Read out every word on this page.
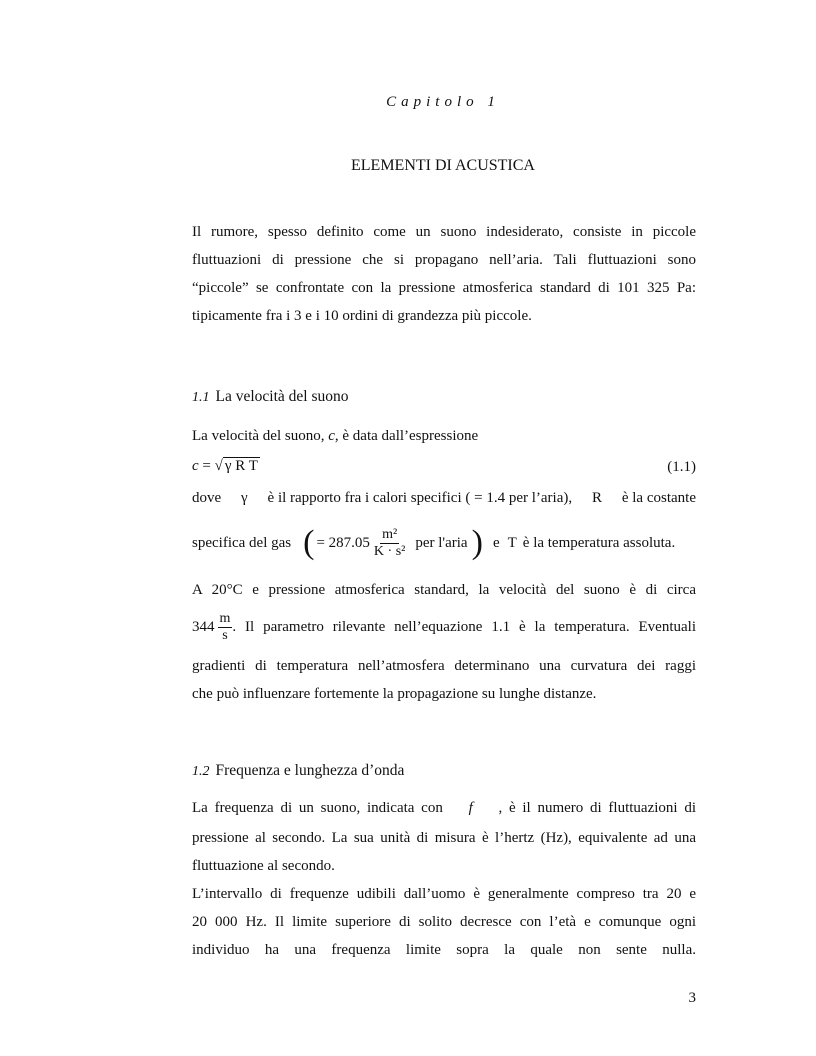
Capitolo 1
ELEMENTI DI ACUSTICA
Il rumore, spesso definito come un suono indesiderato, consiste in piccole
fluttuazioni di pressione che si propagano nell’aria. Tali fluttuazioni sono
“piccole” se confrontate con la pressione atmosferica standard di 101 325 Pa:
tipicamente fra i 3 e i 10 ordini di grandezza più piccole.
1.1 La velocità del suono
La velocità del suono, c, è data dall’espressione
c = √ γ R T	(1.1)
dove γ è il rapporto fra i calori specifici ( = 1.4 per l’aria), R è la costante
specifica del gas ( = $287.05 \frac{\text{m²}}{\text{K · s²}}$ per l'aria ) e T è la temperatura assoluta.
A 20°C e pressione atmosferica standard, la velocità del suono è di circa
$344 \frac{m}{s}$ . Il parametro rilevante nell’equazione 1.1 è la temperatura. Eventuali
gradienti di temperatura nell’atmosfera determinano una curvatura dei raggi
che può influenzare fortemente la propagazione su lunghe distanze.
1.2 Frequenza e lunghezza d’onda
La frequenza di un suono, indicata con f , è il numero di fluttuazioni di
pressione al secondo. La sua unità di misura è l’hertz (Hz), equivalente ad una
fluttuazione al secondo.
L’intervallo di frequenze udibili dall’uomo è generalmente compreso tra 20 e
20 000 Hz. Il limite superiore di solito decresce con l’età e comunque ogni
individuo ha una frequenza limite sopra la quale non sente nulla.
3
